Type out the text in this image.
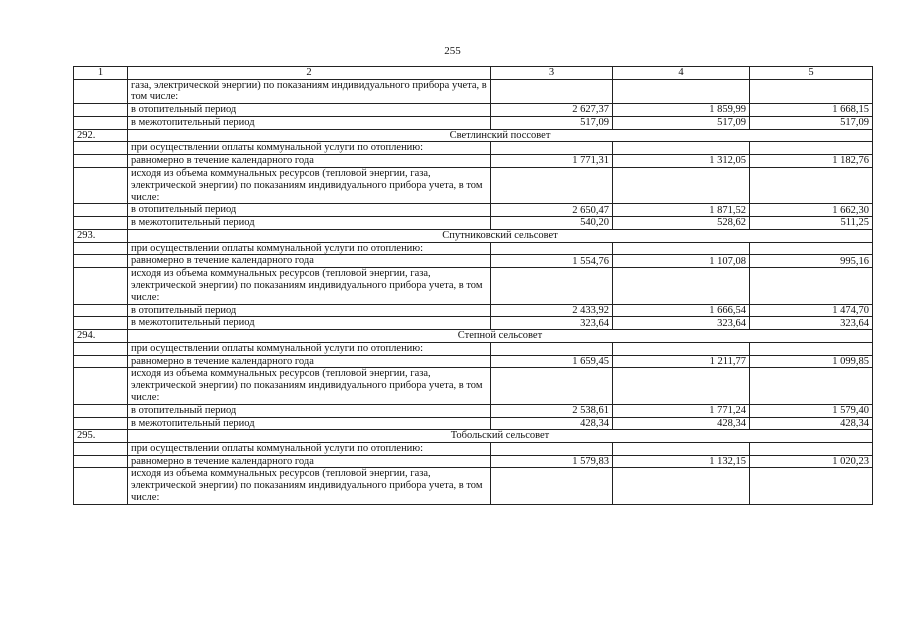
255
1	2	3	4	5
	газа, электрической энергии) по показаниям индивидуального прибора учета, в том числе:			
	в отопительный период	2 627,37	1 859,99	1 668,15
	в межотопительный период	517,09	517,09	517,09
292.	Светлинский поссовет			
	при осуществлении оплаты коммунальной услуги по отоплению:			
	равномерно в течение календарного года	1 771,31	1 312,05	1 182,76
	исходя из объема коммунальных ресурсов (тепловой энергии, газа, электрической энергии) по показаниям индивидуального прибора учета, в том числе:			
	в отопительный период	2 650,47	1 871,52	1 662,30
	в межотопительный период	540,20	528,62	511,25
293.	Спутниковский сельсовет			
	при осуществлении оплаты коммунальной услуги по отоплению:			
	равномерно в течение календарного года	1 554,76	1 107,08	995,16
	исходя из объема коммунальных ресурсов (тепловой энергии, газа, электрической энергии) по показаниям индивидуального прибора учета, в том числе:			
	в отопительный период	2 433,92	1 666,54	1 474,70
	в межотопительный период	323,64	323,64	323,64
294.	Степной сельсовет			
	при осуществлении оплаты коммунальной услуги по отоплению:			
	равномерно в течение календарного года	1 659,45	1 211,77	1 099,85
	исходя из объема коммунальных ресурсов (тепловой энергии, газа, электрической энергии) по показаниям индивидуального прибора учета, в том числе:			
	в отопительный период	2 538,61	1 771,24	1 579,40
	в межотопительный период	428,34	428,34	428,34
295.	Тобольский сельсовет			
	при осуществлении оплаты коммунальной услуги по отоплению:			
	равномерно в течение календарного года	1 579,83	1 132,15	1 020,23
	исходя из объема коммунальных ресурсов (тепловой энергии, газа, электрической энергии) по показаниям индивидуального прибора учета, в том числе:			
